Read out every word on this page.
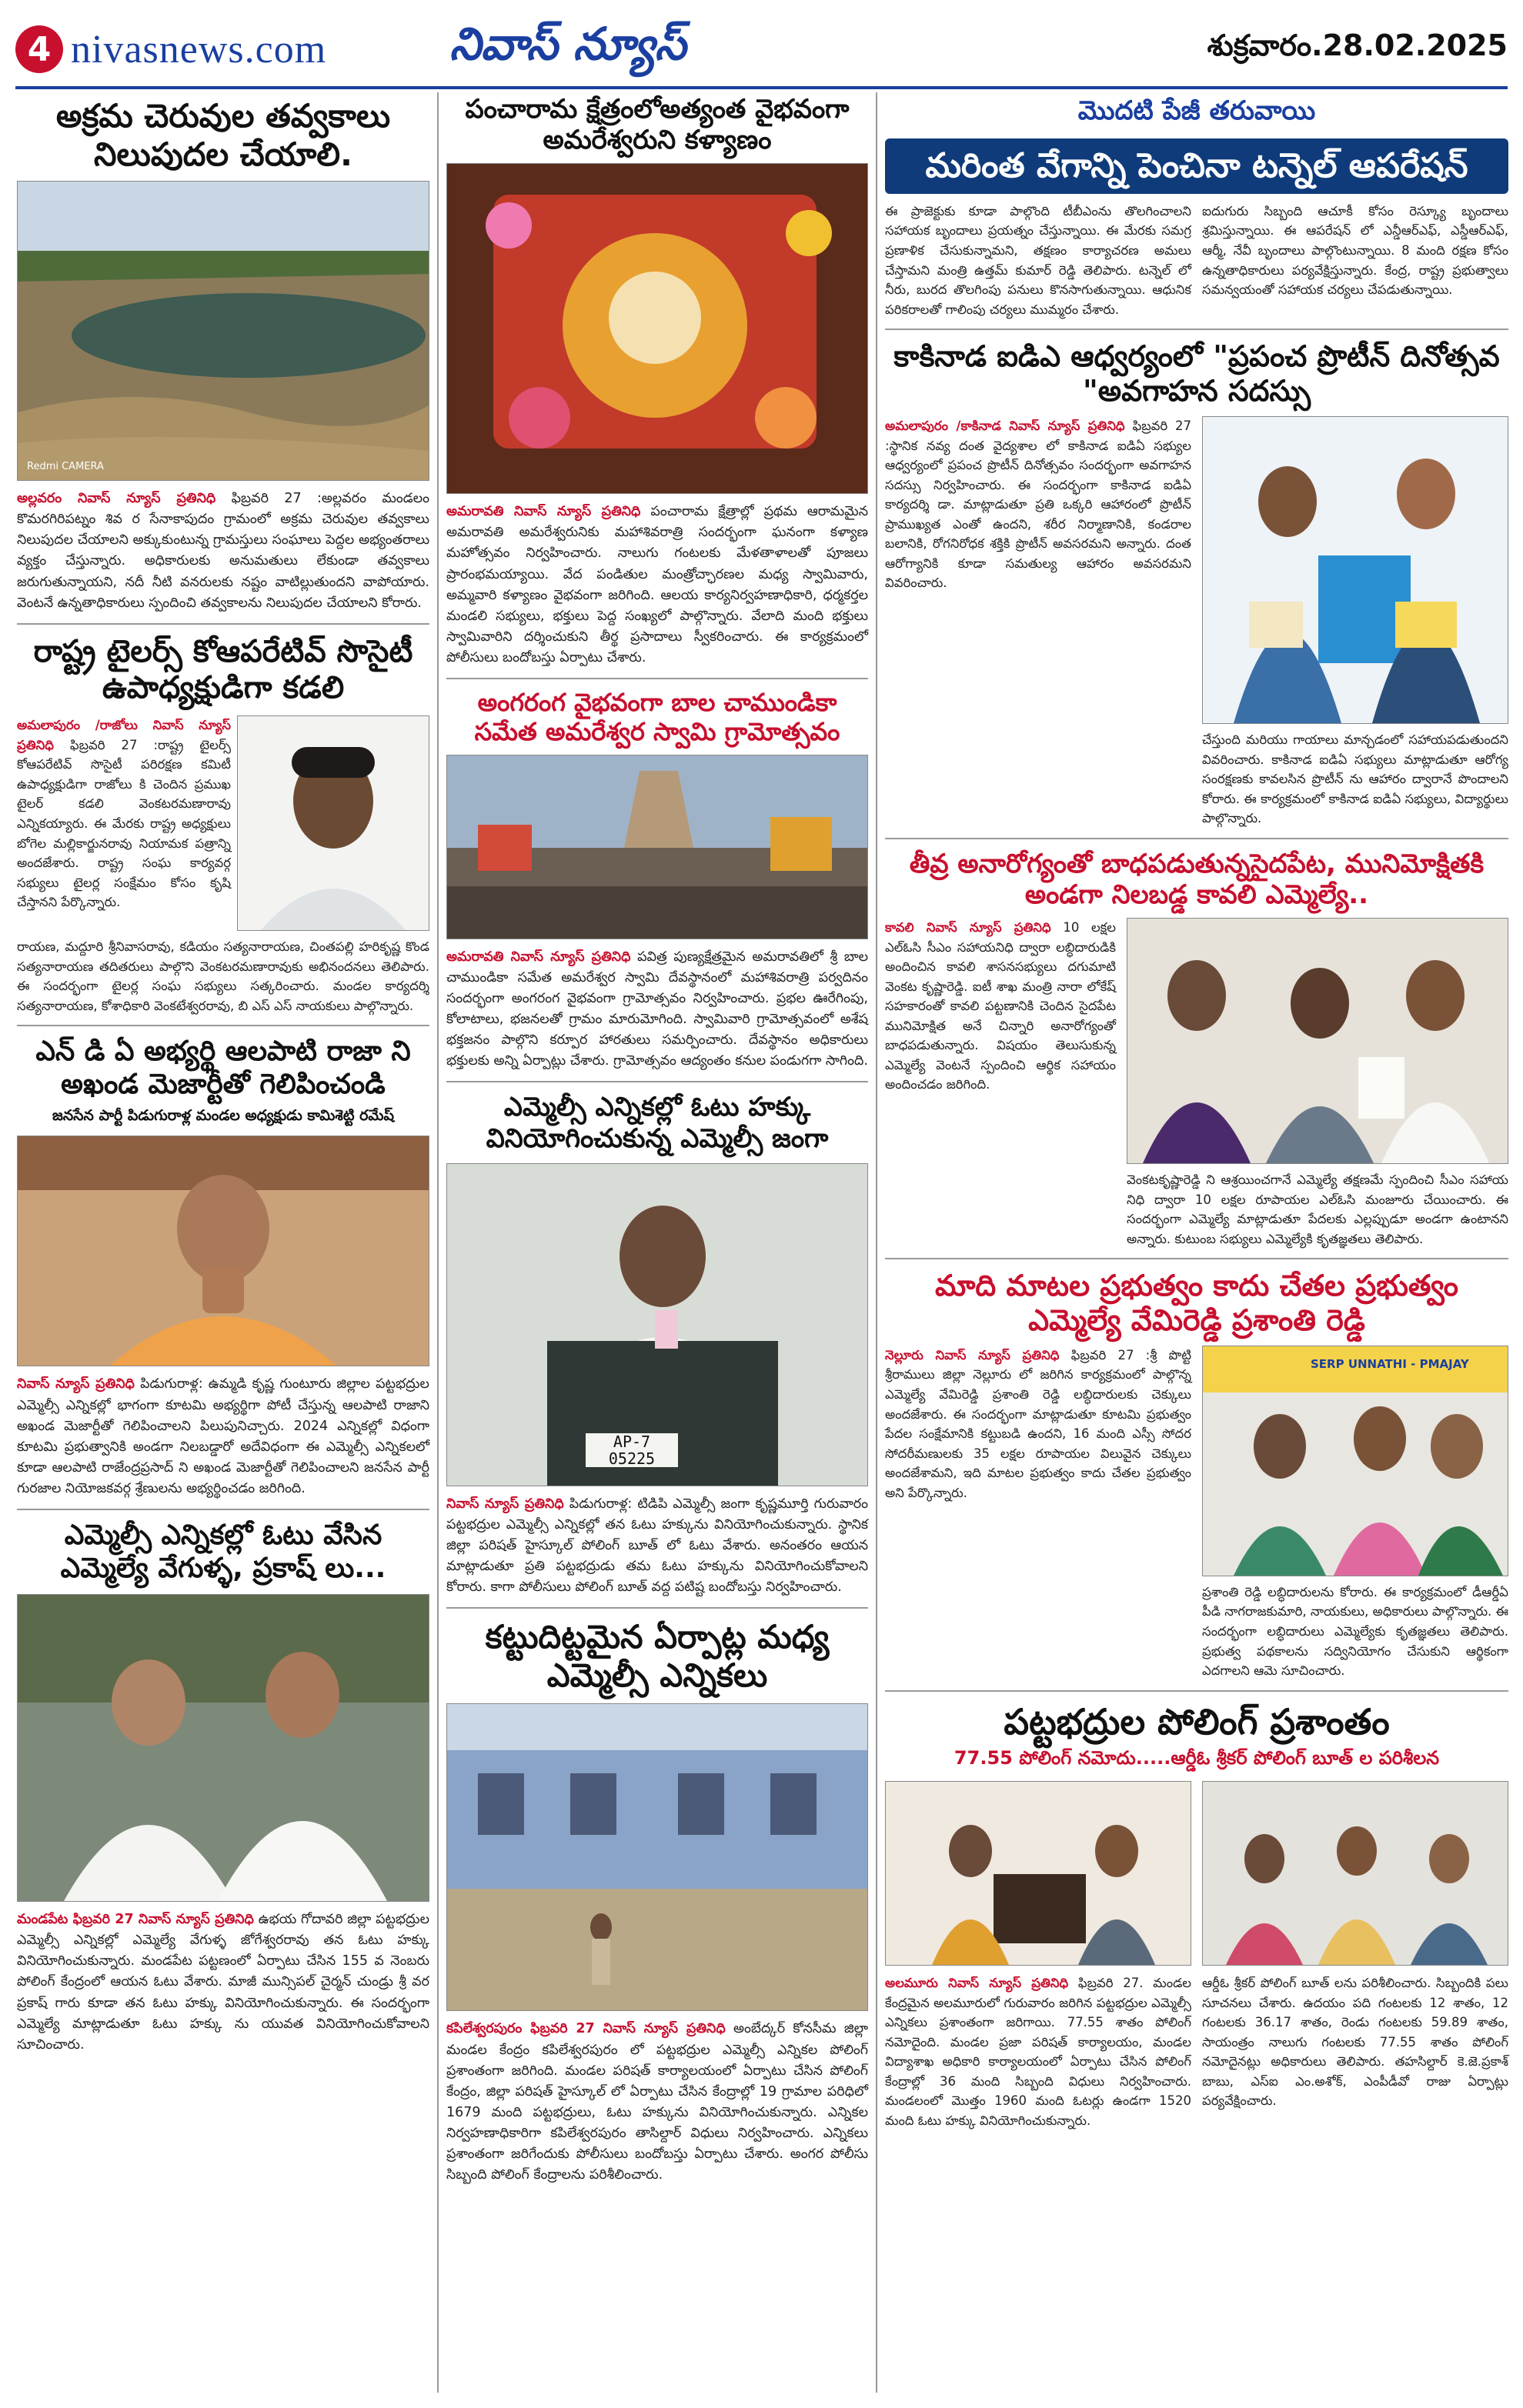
4 nivasnews.com	నివాస్ న్యూస్	శుక్రవారం.28.02.2025
అక్రమ చెరువుల తవ్వకాలు నిలుపుదల చేయాలి.
Redmi CAMERA
అల్లవరం నివాస్ న్యూస్ ప్రతినిధి ఫిబ్రవరి 27 :అల్లవరం మండలం కొమరగిరిపట్నం శివ ర సేనాకాపుదం గ్రామంలో అక్రమ చెరువుల తవ్వకాలు నిలుపుదల చేయాలని అక్కుకుంటున్న గ్రామస్తులు సంఘాలు పెద్దల అభ్యంతరాలు వ్యక్తం చేస్తున్నారు. అధికారులకు అనుమతులు లేకుండా తవ్వకాలు జరుగుతున్నాయని, నదీ నీటి వనరులకు నష్టం వాటిల్లుతుందని వాపోయారు. వెంటనే ఉన్నతాధికారులు స్పందించి తవ్వకాలను నిలుపుదల చేయాలని కోరారు.
రాష్ట్ర టైలర్స్ కోఆపరేటివ్ సొసైటీ ఉపాధ్యక్షుడిగా కడలి
అమలాపురం /రాజోలు నివాస్ న్యూస్ ప్రతినిధి ఫిబ్రవరి 27 :రాష్ట్ర టైలర్స్ కోఆపరేటివ్ సొసైటీ పరిరక్షణ కమిటీ ఉపాధ్యక్షుడిగా రాజోలు కి చెందిన ప్రముఖ టైలర్ కడలి వెంకటరమణారావు ఎన్నికయ్యారు. ఈ మేరకు రాష్ట్ర అధ్యక్షులు బోగెల మల్లికార్జునరావు నియామక పత్రాన్ని అందజేశారు. రాష్ట్ర సంఘ కార్యవర్గ సభ్యులు టైలర్ల సంక్షేమం కోసం కృషి చేస్తానని పేర్కొన్నారు.
రాయణ, మద్దూరి శ్రీనివాసరావు, కడియం సత్యనారాయణ, చింతపల్లి హరికృష్ణ కొండ సత్యనారాయణ తదితరులు పాల్గొని వెంకటరమణారావుకు అభినందనలు తెలిపారు. ఈ సందర్భంగా టైలర్ల సంఘ సభ్యులు సత్కరించారు. మండల కార్యదర్శి సత్యనారాయణ, కోశాధికారి వెంకటేశ్వరరావు, బి ఎస్ ఎస్ నాయకులు పాల్గొన్నారు.
ఎన్ డి ఏ అభ్యర్థి ఆలపాటి రాజా ని అఖండ మెజార్టీతో గెలిపించండి
జనసేన పార్టీ పిడుగురాళ్ల మండల అధ్యక్షుడు కామిశెట్టి రమేష్
నివాస్ న్యూస్ ప్రతినిధి పిడుగురాళ్ల: ఉమ్మడి కృష్ణ గుంటూరు జిల్లాల పట్టభద్రుల ఎమ్మెల్సీ ఎన్నికల్లో భాగంగా కూటమి అభ్యర్థిగా పోటీ చేస్తున్న ఆలపాటి రాజాని అఖండ మెజార్టీతో గెలిపించాలని పిలుపునిచ్చారు. 2024 ఎన్నికల్లో విధంగా కూటమి ప్రభుత్వానికి అండగా నిలబడ్డారో అదేవిధంగా ఈ ఎమ్మెల్సీ ఎన్నికలలో కూడా ఆలపాటి రాజేంద్రప్రసాద్ ని అఖండ మెజార్టీతో గెలిపించాలని జనసేన పార్టీ గురజాల నియోజకవర్గ శ్రేణులను అభ్యర్థించడం జరిగింది.
ఎమ్మెల్సీ ఎన్నికల్లో ఓటు వేసిన ఎమ్మెల్యే వేగుళ్ళ, ప్రకాష్ లు...
మండపేట ఫిబ్రవరి 27 నివాస్ న్యూస్ ప్రతినిధి ఉభయ గోదావరి జిల్లా పట్టభద్రుల ఎమ్మెల్సీ ఎన్నికల్లో ఎమ్మెల్యే వేగుళ్ళ జోగేశ్వరరావు తన ఓటు హక్కు వినియోగించుకున్నారు. మండపేట పట్టణంలో ఏర్పాటు చేసిన 155 వ నెంబరు పోలింగ్ కేంద్రంలో ఆయన ఓటు వేశారు. మాజీ మున్సిపల్ చైర్మన్ చుండ్రు శ్రీ వర ప్రకాష్ గారు కూడా తన ఓటు హక్కు వినియోగించుకున్నారు. ఈ సందర్భంగా ఎమ్మెల్యే మాట్లాడుతూ ఓటు హక్కు ను యువత వినియోగించుకోవాలని సూచించారు.
పంచారామ క్షేత్రంలోఅత్యంత వైభవంగా అమరేశ్వరుని కళ్యాణం
అమరావతి నివాస్ న్యూస్ ప్రతినిధి పంచారామ క్షేత్రాల్లో ప్రథమ ఆరామమైన అమరావతి అమరేశ్వరునికు మహాశివరాత్రి సందర్భంగా ఘనంగా కళ్యాణ మహోత్సవం నిర్వహించారు. నాలుగు గంటలకు మేళతాళాలతో పూజలు ప్రారంభమయ్యాయి. వేద పండితుల మంత్రోచ్ఛారణల మధ్య స్వామివారు, అమ్మవారి కళ్యాణం వైభవంగా జరిగింది. ఆలయ కార్యనిర్వహణాధికారి, ధర్మకర్తల మండలి సభ్యులు, భక్తులు పెద్ద సంఖ్యలో పాల్గొన్నారు. వేలాది మంది భక్తులు స్వామివారిని దర్శించుకుని తీర్థ ప్రసాదాలు స్వీకరించారు. ఈ కార్యక్రమంలో పోలీసులు బందోబస్తు ఏర్పాటు చేశారు.
అంగరంగ వైభవంగా బాల చాముండికా సమేత అమరేశ్వర స్వామి గ్రామోత్సవం
అమరావతి నివాస్ న్యూస్ ప్రతినిధి పవిత్ర పుణ్యక్షేత్రమైన అమరావతిలో శ్రీ బాల చాముండికా సమేత అమరేశ్వర స్వామి దేవస్థానంలో మహాశివరాత్రి పర్వదినం సందర్భంగా అంగరంగ వైభవంగా గ్రామోత్సవం నిర్వహించారు. ప్రభల ఊరేగింపు, కోలాటాలు, భజనలతో గ్రామం మారుమోగింది. స్వామివారి గ్రామోత్సవంలో అశేష భక్తజనం పాల్గొని కర్పూర హారతులు సమర్పించారు. దేవస్థానం అధికారులు భక్తులకు అన్ని ఏర్పాట్లు చేశారు. గ్రామోత్సవం ఆద్యంతం కనుల పండుగగా సాగింది.
ఎమ్మెల్సీ ఎన్నికల్లో ఓటు హక్కు వినియోగించుకున్న ఎమ్మెల్సీ జంగా
AP-7 05225
నివాస్ న్యూస్ ప్రతినిధి పిడుగురాళ్ల: టిడిపి ఎమ్మెల్సీ జంగా కృష్ణమూర్తి గురువారం పట్టభద్రుల ఎమ్మెల్సీ ఎన్నికల్లో తన ఓటు హక్కును వినియోగించుకున్నారు. స్థానిక జిల్లా పరిషత్ హైస్కూల్ పోలింగ్ బూత్ లో ఓటు వేశారు. అనంతరం ఆయన మాట్లాడుతూ ప్రతి పట్టభద్రుడు తమ ఓటు హక్కును వినియోగించుకోవాలని కోరారు. కాగా పోలీసులు పోలింగ్ బూత్ వద్ద పటిష్ట బందోబస్తు నిర్వహించారు.
కట్టుదిట్టమైన ఏర్పాట్ల మధ్య ఎమ్మెల్సీ ఎన్నికలు
కపిలేశ్వరపురం ఫిబ్రవరి 27 నివాస్ న్యూస్ ప్రతినిధి అంబేద్కర్ కోనసీమ జిల్లా మండల కేంద్రం కపిలేశ్వరపురం లో పట్టభద్రుల ఎమ్మెల్సీ ఎన్నికల పోలింగ్ ప్రశాంతంగా జరిగింది. మండల పరిషత్ కార్యాలయంలో ఏర్పాటు చేసిన పోలింగ్ కేంద్రం, జిల్లా పరిషత్ హైస్కూల్ లో ఏర్పాటు చేసిన కేంద్రాల్లో 19 గ్రామాల పరిధిలో 1679 మంది పట్టభద్రులు, ఓటు హక్కును వినియోగించుకున్నారు. ఎన్నికల నిర్వహణాధికారిగా కపిలేశ్వరపురం తాసిల్దార్ విధులు నిర్వహించారు. ఎన్నికలు ప్రశాంతంగా జరిగేందుకు పోలీసులు బందోబస్తు ఏర్పాటు చేశారు. అంగర పోలీసు సిబ్బంది పోలింగ్ కేంద్రాలను పరిశీలించారు.
మొదటి పేజీ తరువాయి
మరింత వేగాన్ని పెంచినా టన్నెల్ ఆపరేషన్
ఈ ప్రాజెక్టుకు కూడా పాల్గొంది టీబీఎంను తొలగించాలని సహాయక బృందాలు ప్రయత్నం చేస్తున్నాయి. ఈ మేరకు సమగ్ర ప్రణాళిక చేసుకున్నామని, తక్షణం కార్యాచరణ అమలు చేస్తామని మంత్రి ఉత్తమ్ కుమార్ రెడ్డి తెలిపారు. టన్నెల్ లో నీరు, బురద తొలగింపు పనులు కొనసాగుతున్నాయి. ఆధునిక పరికరాలతో గాలింపు చర్యలు ముమ్మరం చేశారు.
ఐదుగురు సిబ్బంది ఆచూకీ కోసం రెస్క్యూ బృందాలు శ్రమిస్తున్నాయి. ఈ ఆపరేషన్ లో ఎన్డీఆర్ఎఫ్, ఎస్డీఆర్ఎఫ్, ఆర్మీ, నేవీ బృందాలు పాల్గొంటున్నాయి. 8 మంది రక్షణ కోసం ఉన్నతాధికారులు పర్యవేక్షిస్తున్నారు. కేంద్ర, రాష్ట్ర ప్రభుత్వాలు సమన్వయంతో సహాయక చర్యలు చేపడుతున్నాయి.
కాకినాడ ఐడిఎ ఆధ్వర్యంలో "ప్రపంచ ప్రొటీన్ దినోత్సవ "అవగాహన సదస్సు
అమలాపురం /కాకినాడ నివాస్ న్యూస్ ప్రతినిధి ఫిబ్రవరి 27 :స్థానిక నవ్య దంత వైద్యశాల లో కాకినాడ ఐడిఏ సభ్యుల ఆధ్వర్యంలో ప్రపంచ ప్రొటీన్ దినోత్సవం సందర్భంగా అవగాహన సదస్సు నిర్వహించారు. ఈ సందర్భంగా కాకినాడ ఐడిఏ కార్యదర్శి డా. మాట్లాడుతూ ప్రతి ఒక్కరి ఆహారంలో ప్రొటీన్ ప్రాముఖ్యత ఎంతో ఉందని, శరీర నిర్మాణానికి, కండరాల బలానికి, రోగనిరోధక శక్తికి ప్రొటీన్ అవసరమని అన్నారు. దంత ఆరోగ్యానికి కూడా సమతుల్య ఆహారం అవసరమని వివరించారు.
చేస్తుంది మరియు గాయాలు మాన్చడంలో సహాయపడుతుందని వివరించారు. కాకినాడ ఐడిఏ సభ్యులు మాట్లాడుతూ ఆరోగ్య సంరక్షణకు కావలసిన ప్రొటీన్ ను ఆహారం ద్వారానే పొందాలని కోరారు. ఈ కార్యక్రమంలో కాకినాడ ఐడిఏ సభ్యులు, విద్యార్థులు పాల్గొన్నారు.
తీవ్ర అనారోగ్యంతో బాధపడుతున్నసైదపేట, మునిమోక్షితకి అండగా నిలబడ్డ కావలి ఎమ్మెల్యే..
కావలి నివాస్ న్యూస్ ప్రతినిధి 10 లక్షల ఎల్ఓసి సీఎం సహాయనిధి ద్వారా లబ్ధిదారుడికి అందించిన కావలి శాసనసభ్యులు దగుమాటి వెంకట కృష్ణారెడ్డి. ఐటీ శాఖ మంత్రి నారా లోకేష్ సహకారంతో కావలి పట్టణానికి చెందిన సైదపేట మునిమోక్షిత అనే చిన్నారి అనారోగ్యంతో బాధపడుతున్నారు. విషయం తెలుసుకున్న ఎమ్మెల్యే వెంటనే స్పందించి ఆర్థిక సహాయం అందించడం జరిగింది.
వెంకటకృష్ణారెడ్డి ని ఆశ్రయించగానే ఎమ్మెల్యే తక్షణమే స్పందించి సీఎం సహాయ నిధి ద్వారా 10 లక్షల రూపాయల ఎల్ఓసి మంజూరు చేయించారు. ఈ సందర్భంగా ఎమ్మెల్యే మాట్లాడుతూ పేదలకు ఎల్లప్పుడూ అండగా ఉంటానని అన్నారు. కుటుంబ సభ్యులు ఎమ్మెల్యేకి కృతజ్ఞతలు తెలిపారు.
మాది మాటల ప్రభుత్వం కాదు చేతల ప్రభుత్వం ఎమ్మెల్యే వేమిరెడ్డి ప్రశాంతి రెడ్డి
నెల్లూరు నివాస్ న్యూస్ ప్రతినిధి ఫిబ్రవరి 27 :శ్రీ పొట్టి శ్రీరాములు జిల్లా నెల్లూరు లో జరిగిన కార్యక్రమంలో పాల్గొన్న ఎమ్మెల్యే వేమిరెడ్డి ప్రశాంతి రెడ్డి లబ్ధిదారులకు చెక్కులు అందజేశారు. ఈ సందర్భంగా మాట్లాడుతూ కూటమి ప్రభుత్వం పేదల సంక్షేమానికి కట్టుబడి ఉందని, 16 మంది ఎస్సీ సోదర సోదరీమణులకు 35 లక్షల రూపాయల విలువైన చెక్కులు అందజేశామని, ఇది మాటల ప్రభుత్వం కాదు చేతల ప్రభుత్వం అని పేర్కొన్నారు.
SERP UNNATHI - PMAJAY
ప్రశాంతి రెడ్డి లబ్ధిదారులను కోరారు. ఈ కార్యక్రమంలో డీఆర్డీఏ పీడి నాగరాజకుమారి, నాయకులు, అధికారులు పాల్గొన్నారు. ఈ సందర్భంగా లబ్ధిదారులు ఎమ్మెల్యేకు కృతజ్ఞతలు తెలిపారు. ప్రభుత్వ పథకాలను సద్వినియోగం చేసుకుని ఆర్థికంగా ఎదగాలని ఆమె సూచించారు.
పట్టభద్రుల పోలింగ్ ప్రశాంతం
77.55 పోలింగ్ నమోదు.....ఆర్డీఓ శ్రీకర్ పోలింగ్ బూత్ ల పరిశీలన
అలమూరు నివాస్ న్యూస్ ప్రతినిధి ఫిబ్రవరి 27. మండల కేంద్రమైన అలమూరులో గురువారం జరిగిన పట్టభద్రుల ఎమ్మెల్సీ ఎన్నికలు ప్రశాంతంగా జరిగాయి. 77.55 శాతం పోలింగ్ నమోదైంది. మండల ప్రజా పరిషత్ కార్యాలయం, మండల విద్యాశాఖ అధికారి కార్యాలయంలో ఏర్పాటు చేసిన పోలింగ్ కేంద్రాల్లో 36 మంది సిబ్బంది విధులు నిర్వహించారు. మండలంలో మొత్తం 1960 మంది ఓటర్లు ఉండగా 1520 మంది ఓటు హక్కు వినియోగించుకున్నారు.
ఆర్డీఓ శ్రీకర్ పోలింగ్ బూత్ లను పరిశీలించారు. సిబ్బందికి పలు సూచనలు చేశారు. ఉదయం పది గంటలకు 12 శాతం, 12 గంటలకు 36.17 శాతం, రెండు గంటలకు 59.89 శాతం, సాయంత్రం నాలుగు గంటలకు 77.55 శాతం పోలింగ్ నమోదైనట్లు అధికారులు తెలిపారు. తహసిల్దార్ కె.జె.ప్రకాశ్ బాబు, ఎస్ఐ ఎం.అశోక్, ఎంపీడీవో రాజు ఏర్పాట్లు పర్యవేక్షించారు.
